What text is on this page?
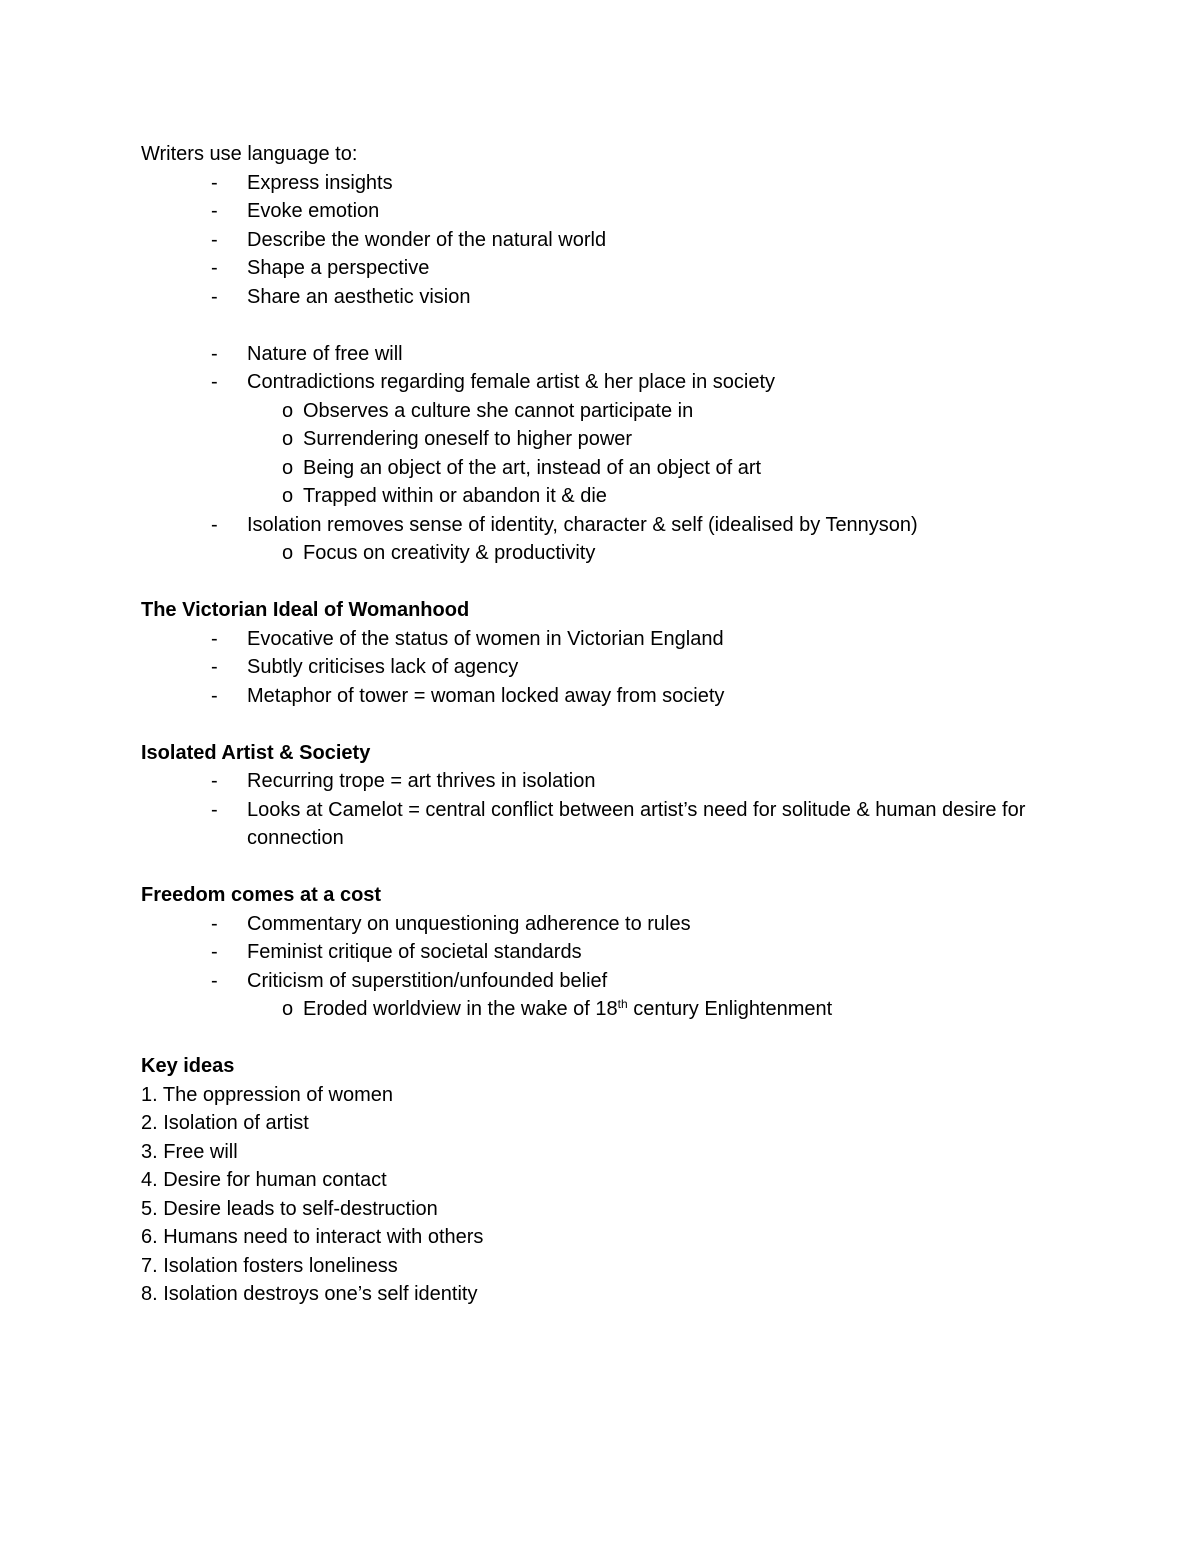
Writers use language to:
- Express insights
- Evoke emotion
- Describe the wonder of the natural world
- Shape a perspective
- Share an aesthetic vision
- Nature of free will
- Contradictions regarding female artist & her place in society
o Observes a culture she cannot participate in
o Surrendering oneself to higher power
o Being an object of the art, instead of an object of art
o Trapped within or abandon it & die
- Isolation removes sense of identity, character & self (idealised by Tennyson)
o Focus on creativity & productivity
The Victorian Ideal of Womanhood
- Evocative of the status of women in Victorian England
- Subtly criticises lack of agency
- Metaphor of tower = woman locked away from society
Isolated Artist & Society
- Recurring trope = art thrives in isolation
- Looks at Camelot = central conflict between artist’s need for solitude & human desire for connection
Freedom comes at a cost
- Commentary on unquestioning adherence to rules
- Feminist critique of societal standards
- Criticism of superstition/unfounded belief
o Eroded worldview in the wake of 18th century Enlightenment
Key ideas
1. The oppression of women
2. Isolation of artist
3. Free will
4. Desire for human contact
5. Desire leads to self-destruction
6. Humans need to interact with others
7. Isolation fosters loneliness
8. Isolation destroys one’s self identity
